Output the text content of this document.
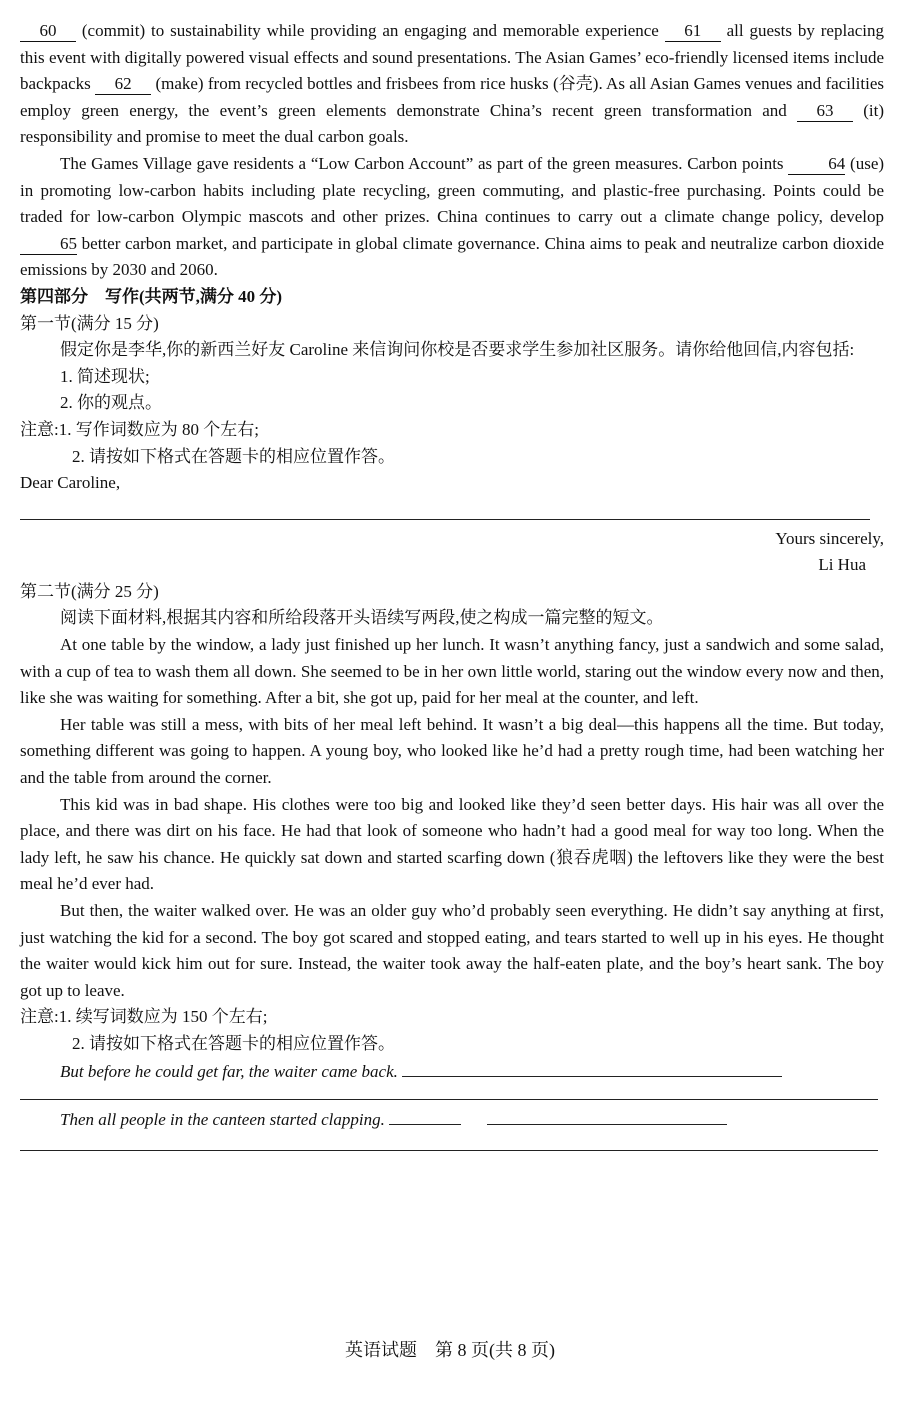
60 (commit) to sustainability while providing an engaging and memorable experience 61 all guests by replacing this event with digitally powered visual effects and sound presentations. The Asian Games’ eco-friendly licensed items include backpacks 62 (make) from recycled bottles and frisbees from rice husks (谷壳). As all Asian Games venues and facilities employ green energy, the event’s green elements demonstrate China’s recent green transformation and 63 (it) responsibility and promise to meet the dual carbon goals.

The Games Village gave residents a “Low Carbon Account” as part of the green measures. Carbon points	64 (use) in promoting low-carbon habits including plate recycling, green commuting, and plastic-free purchasing. Points could be traded for low-carbon Olympic mascots and other prizes. China continues to carry out a climate change policy, develop 65 better carbon market, and participate in global climate governance. China aims to peak and neutralize carbon dioxide emissions by 2030 and 2060.

第四部分　写作(共两节,满分 40 分)

第一节(满分 15 分)

假定你是李华,你的新西兰好友 Caroline 来信询问你校是否要求学生参加社区服务。请你给他回信,内容包括:

1. 简述现状;

2. 你的观点。

注意:1. 写作词数应为 80 个左右;

2. 请按如下格式在答题卡的相应位置作答。

Dear Caroline,

Yours sincerely,

Li Hua

第二节(满分 25 分)

阅读下面材料,根据其内容和所给段落开头语续写两段,使之构成一篇完整的短文。

At one table by the window, a lady just finished up her lunch. It wasn’t anything fancy, just a sandwich and some salad, with a cup of tea to wash them all down. She seemed to be in her own little world, staring out the window every now and then, like she was waiting for something. After a bit, she got up, paid for her meal at the counter, and left.

Her table was still a mess, with bits of her meal left behind. It wasn’t a big deal—this happens all the time. But today, something different was going to happen. A young boy, who looked like he’d had a pretty rough time, had been watching her and the table from around the corner.

This kid was in bad shape. His clothes were too big and looked like they’d seen better days. His hair was all over the place, and there was dirt on his face. He had that look of someone who hadn’t had a good meal for way too long. When the lady left, he saw his chance. He quickly sat down and started scarfing down (狼吞虎咽) the leftovers like they were the best meal he’d ever had.

But then, the waiter walked over. He was an older guy who’d probably seen everything. He didn’t say anything at first, just watching the kid for a second. The boy got scared and stopped eating, and tears started to well up in his eyes. He thought the waiter would kick him out for sure. Instead, the waiter took away the half-eaten plate, and the boy’s heart sank. The boy got up to leave.

注意:1. 续写词数应为 150 个左右;

2. 请按如下格式在答题卡的相应位置作答。

But before he could get far, the waiter came back.

Then all people in the canteen started clapping.

英语试题　第 8 页(共 8 页)
